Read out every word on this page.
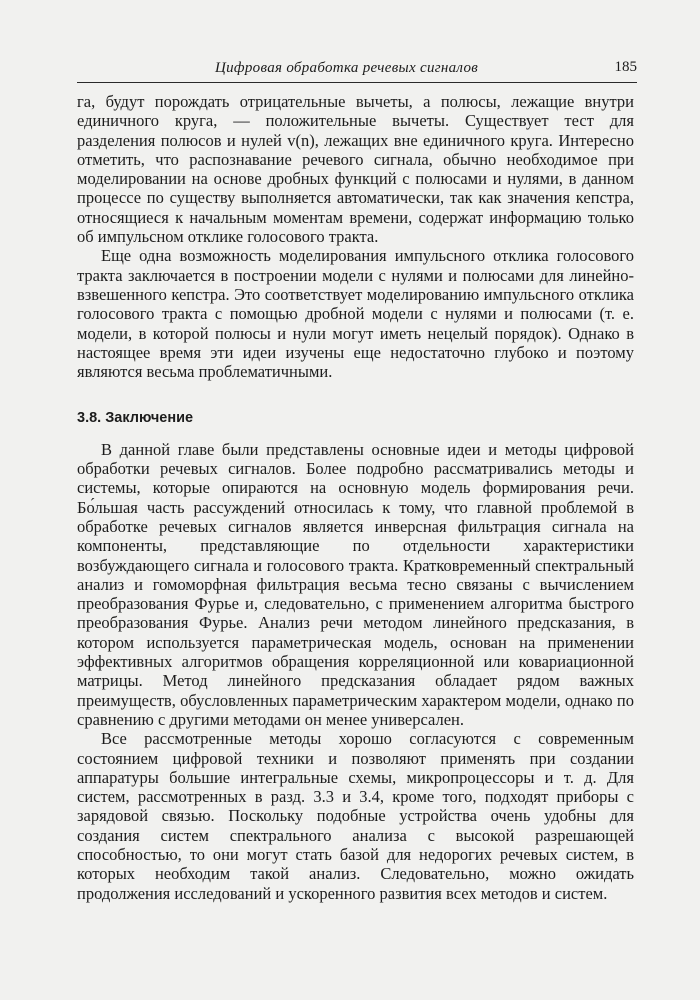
Цифровая обработка речевых сигналов	185

га, будут порождать отрицательные вычеты, а полюсы, лежащие внутри единичного круга, — положительные вычеты. Существует тест для разделения полюсов и нулей v(n), лежащих вне единичного круга. Интересно отметить, что распознавание речевого сигнала, обычно необходимое при моделировании на основе дробных функций с полюсами и нулями, в данном процессе по существу выполняется автоматически, так как значения кепстра, относящиеся к начальным моментам времени, содержат информацию только об импульсном отклике голосового тракта.

Еще одна возможность моделирования импульсного отклика голосового тракта заключается в построении модели с нулями и полюсами для линейно-взвешенного кепстра. Это соответствует моделированию импульсного отклика голосового тракта с помощью дробной модели с нулями и полюсами (т. е. модели, в которой полюсы и нули могут иметь нецелый порядок). Однако в настоящее время эти идеи изучены еще недостаточно глубоко и поэтому являются весьма проблематичными.

3.8. Заключение

В данной главе были представлены основные идеи и методы цифровой обработки речевых сигналов. Более подробно рассматривались методы и системы, которые опираются на основную модель формирования речи. Бо́льшая часть рассуждений относилась к тому, что главной проблемой в обработке речевых сигналов является инверсная фильтрация сигнала на компоненты, представляющие по отдельности характеристики возбуждающего сигнала и голосового тракта. Кратковременный спектральный анализ и гомоморфная фильтрация весьма тесно связаны с вычислением преобразования Фурье и, следовательно, с применением алгоритма быстрого преобразования Фурье. Анализ речи методом линейного предсказания, в котором используется параметрическая модель, основан на применении эффективных алгоритмов обращения корреляционной или ковариационной матрицы. Метод линейного предсказания обладает рядом важных преимуществ, обусловленных параметрическим характером модели, однако по сравнению с другими методами он менее универсален.

Все рассмотренные методы хорошо согласуются с современным состоянием цифровой техники и позволяют применять при создании аппаратуры большие интегральные схемы, микропроцессоры и т. д. Для систем, рассмотренных в разд. 3.3 и 3.4, кроме того, подходят приборы с зарядовой связью. Поскольку подобные устройства очень удобны для создания систем спектрального анализа с высокой разрешающей способностью, то они могут стать базой для недорогих речевых систем, в которых необходим такой анализ. Следовательно, можно ожидать продолжения исследований и ускоренного развития всех методов и систем.
